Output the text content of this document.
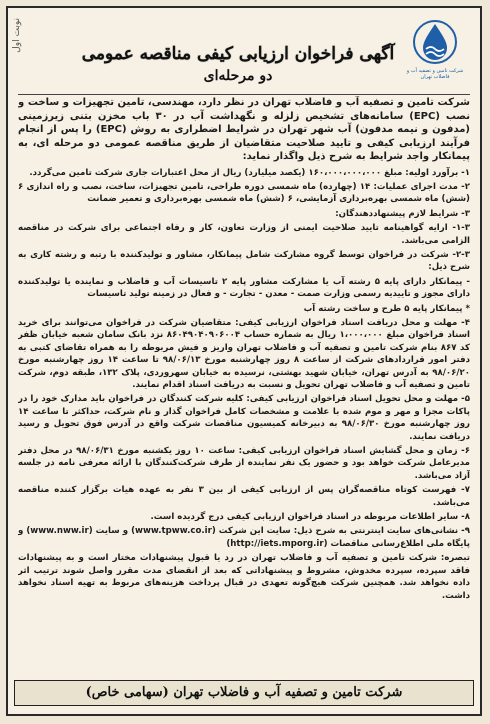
نوبت اول
شرکت تامین و تصفیه آب و فاضلاب تهران
آگهی فراخوان ارزیابی کیفی مناقصه عمومی
دو مرحله‌ای
شرکت تامین و تصفیه آب و فاضلاب تهران در نظر دارد، مهندسی، تامین تجهیزات و ساخت و نصب (EPC) سامانه‌های تشخیص زلزله و نگهداشت آب در ۳۰ باب مخزن بتنی زیرزمینی (مدفون و نیمه مدفون) آب شهر تهران در شرایط اضطراری به روش (EPC) را پس از انجام فرآیند ارزیابی کیفی و تایید صلاحیت متقاضیان از طریق مناقصه عمومی دو مرحله ای، به پیمانکار واجد شرایط به شرح ذیل واگذار نماید:
۱- برآورد اولیه: مبلغ ۱۶۰،۰۰۰،۰۰۰،۰۰۰ (یکصد میلیارد) ریال از محل اعتبارات جاری شرکت تامین می‌گردد.
۲- مدت اجرای عملیات: ۱۴ (چهارده) ماه شمسی دوره طراحی، تامین تجهیزات، ساخت، نصب و راه اندازی ۶ (شش) ماه شمسی بهره‌برداری آزمایشی، ۶ (شش) ماه شمسی بهره‌برداری و تعمیر ضمانت
۳- شرایط لازم پیشنهاددهندگان:
۱-۳- ارایه گواهینامه تایید صلاحیت ایمنی از وزارت تعاون، کار و رفاه اجتماعی برای شرکت در مناقصه الزامی می‌باشد.
۲-۳- شرکت در فراخوان توسط گروه مشارکت شامل پیمانکار، مشاور و تولیدکننده با رتبه و رشته کاری به شرح ذیل:
- پیمانکار دارای پایه ۵ رشته آب یا مشارکت مشاور پایه ۲ تاسیسات آب و فاضلاب و نماینده یا تولیدکننده دارای مجوز و تاییدیه رسمی وزارت صمت - معدن - تجارت - و فعال در زمینه تولید تاسیسات
* پیمانکار پایه ۵ طرح و ساخت رشته آب
۴- مهلت و محل دریافت اسناد فراخوان ارزیابی کیفی: متقاضیان شرکت در فراخوان می‌توانند برای خرید اسناد فراخوان مبلغ ۱،۰۰۰،۰۰۰ ریال به شماره حساب ۸۶۰۴۹۰۴۰۹۰۶۰۰۴ نزد بانک سامان شعبه خیابان ظفر کد ۸۶۷ بنام شرکت تامین و تصفیه آب و فاضلاب تهران واریز و فیش مربوطه را به همراه تقاضای کتبی به دفتر امور قراردادهای شرکت از ساعت ۸ روز چهارشنبه مورخ ۹۸/۰۶/۱۳ تا ساعت ۱۴ روز چهارشنبه مورخ ۹۸/۰۶/۲۰ به آدرس تهران، خیابان شهید بهشتی، نرسیده به خیابان سهروردی، پلاک ۱۳۲، طبقه دوم، شرکت تامین و تصفیه آب و فاضلاب تهران تحویل و نسبت به دریافت اسناد اقدام نمایند.
۵- مهلت و محل تحویل اسناد فراخوان ارزیابی کیفی: کلیه شرکت کنندگان در فراخوان باید مدارک خود را در پاکات مجزا و مهر و موم شده با علامت و مشخصات کامل فراخوان گذار و نام شرکت، حداکثر تا ساعت ۱۴ روز چهارشنبه مورخ ۹۸/۰۶/۳۰ به دبیرخانه کمیسیون مناقصات شرکت واقع در آدرس فوق تحویل و رسید دریافت نمایند.
۶- زمان و محل گشایش اسناد فراخوان ارزیابی کیفی: ساعت ۱۰ روز یکشنبه مورخ ۹۸/۰۶/۳۱ در محل دفتر مدیرعامل شرکت خواهد بود و حضور یک نفر نماینده از طرف شرکت‌کنندگان با ارائه معرفی نامه در جلسه آزاد می‌باشد.
۷- فهرست کوتاه مناقصه‌گران پس از ارزیابی کیفی از بین ۳ نفر به عهده هیات برگزار کننده مناقصه می‌باشد.
۸- سایر اطلاعات مربوطه در اسناد فراخوان ارزیابی کیفی درج گردیده است.
۹- نشانی‌های سایت اینترنتی به شرح ذیل: سایت این شرکت (www.tpww.co.ir) و سایت (www.nww.ir) و پایگاه ملی اطلاع‌رسانی مناقصات (http://iets.mporg.ir)
تبصره: شرکت تامین و تصفیه آب و فاضلاب تهران در رد یا قبول پیشنهادات مختار است و به پیشنهادات فاقد سپرده، سپرده مخدوش، مشروط و پیشنهاداتی که بعد از انقضای مدت مقرر واصل شوند ترتیب اثر داده نخواهد شد. همچنین شرکت هیچ‌گونه تعهدی در قبال پرداخت هزینه‌های مربوط به تهیه اسناد نخواهد داشت.
شرکت تامین و تصفیه آب و فاضلاب تهران (سهامی خاص)
